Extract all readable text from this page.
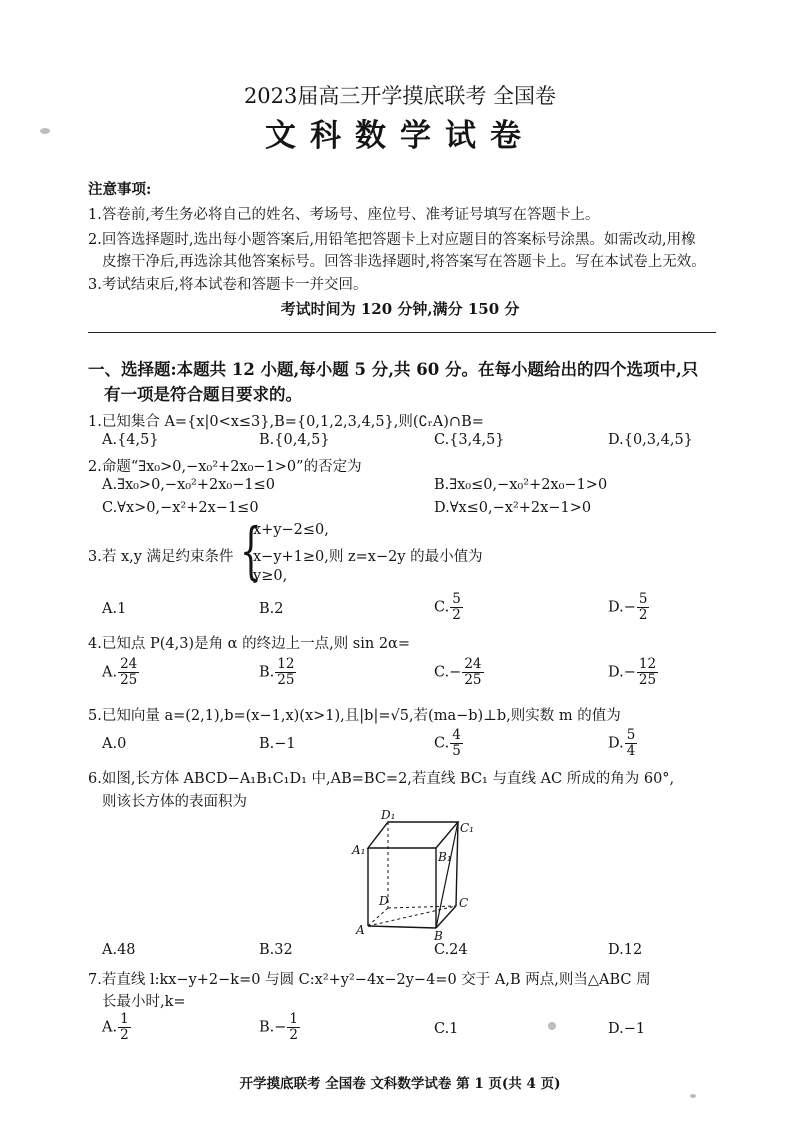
2023届高三开学摸底联考 全国卷
文科数学试卷
注意事项:
1.答卷前,考生务必将自己的姓名、考场号、座位号、准考证号填写在答题卡上。
2.回答选择题时,选出每小题答案后,用铅笔把答题卡上对应题目的答案标号涂黑。如需改动,用橡
皮擦干净后,再选涂其他答案标号。回答非选择题时,将答案写在答题卡上。写在本试卷上无效。
3.考试结束后,将本试卷和答题卡一并交回。
考试时间为 120 分钟,满分 150 分
一、选择题:本题共 12 小题,每小题 5 分,共 60 分。在每小题给出的四个选项中,只
有一项是符合题目要求的。
1.已知集合 A={x|0<x≤3},B={0,1,2,3,4,5},则(∁ᵣA)∩B=
A.{4,5}	B.{0,4,5}	C.{3,4,5}	D.{0,3,4,5}
2.命题“∃x₀>0,−x₀²+2x₀−1>0”的否定为
A.∃x₀>0,−x₀²+2x₀−1≤0	B.∃x₀≤0,−x₀²+2x₀−1>0
C.∀x>0,−x²+2x−1≤0	D.∀x≤0,−x²+2x−1>0
3.若 x,y 满足约束条件 {
x+y−2≤0,
x−y+1≥0,则 z=x−2y 的最小值为
y≥0,
A.1	B.2	C. $\frac{5}{2}$	$D.- \frac{5}{2}$
4.已知点 P(4,3)是角 α 的终边上一点,则 sin 2α=
A. $\frac{24}{25}$	B. $\frac{12}{25}$	$C.- \frac{24}{25}$	$D.- \frac{12}{25}$
5.已知向量 a=(2,1),b=(x−1,x)(x>1),且|b|=√5,若(ma−b)⊥b,则实数 m 的值为
A.0	B.−1	C. $\frac{4}{5}$	D. $\frac{5}{4}$
6.如图,长方体 ABCD−A₁B₁C₁D₁ 中,AB=BC=2,若直线 BC₁ 与直线 AC 所成的角为 60°,
则该长方体的表面积为
D₁
C₁
A₁	B₁
D	C
A	B
A.48	B.32	C.24	D.12
7.若直线 l:kx−y+2−k=0 与圆 C:x²+y²−4x−2y−4=0 交于 A,B 两点,则当△ABC 周
长最小时,k=
A. $\frac{1}{2}$	$B.- \frac{1}{2}$	C.1	D.−1
开学摸底联考 全国卷 文科数学试卷 第 1 页(共 4 页)
